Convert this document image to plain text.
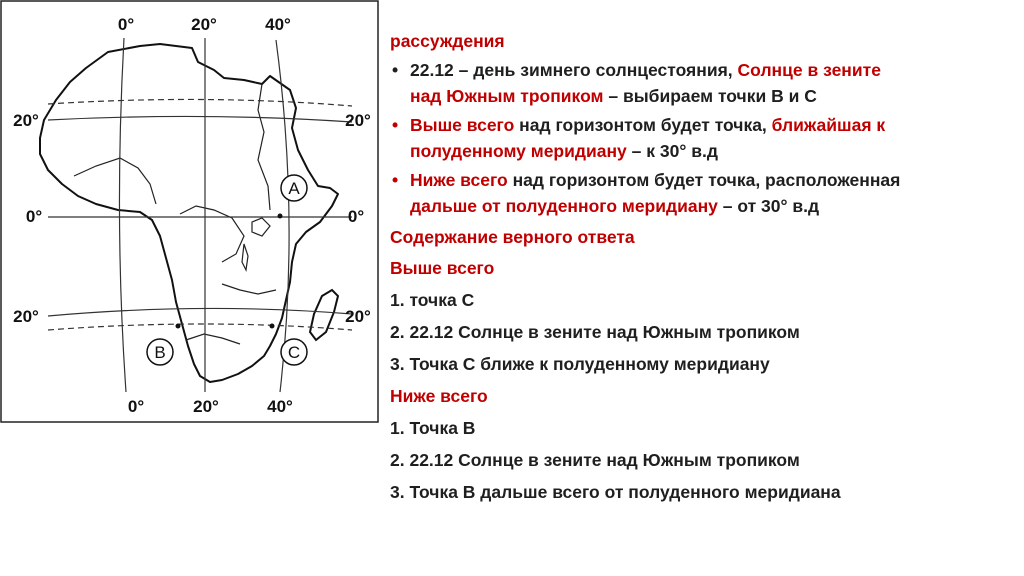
A
B	C
0°	20°	40°
0°	20°	40°
20°
0°
20°
20°
0°
20°
рассуждения
• 22.12 – день зимнего солнцестояния, Солнце в зените
над Южным тропиком – выбираем точки В и С
• Выше всего над горизонтом будет точка, ближайшая к
полуденному меридиану – к 30° в.д
• Ниже всего над горизонтом будет точка, расположенная
дальше от полуденного меридиану – от 30° в.д
Содержание верного ответа
Выше всего
1. точка С
2. 22.12 Солнце в зените над Южным тропиком
3. Точка С ближе к полуденному меридиану
Ниже всего
1. Точка В
2. 22.12 Солнце в зените над Южным тропиком
3. Точка В дальше всего от полуденного меридиана
